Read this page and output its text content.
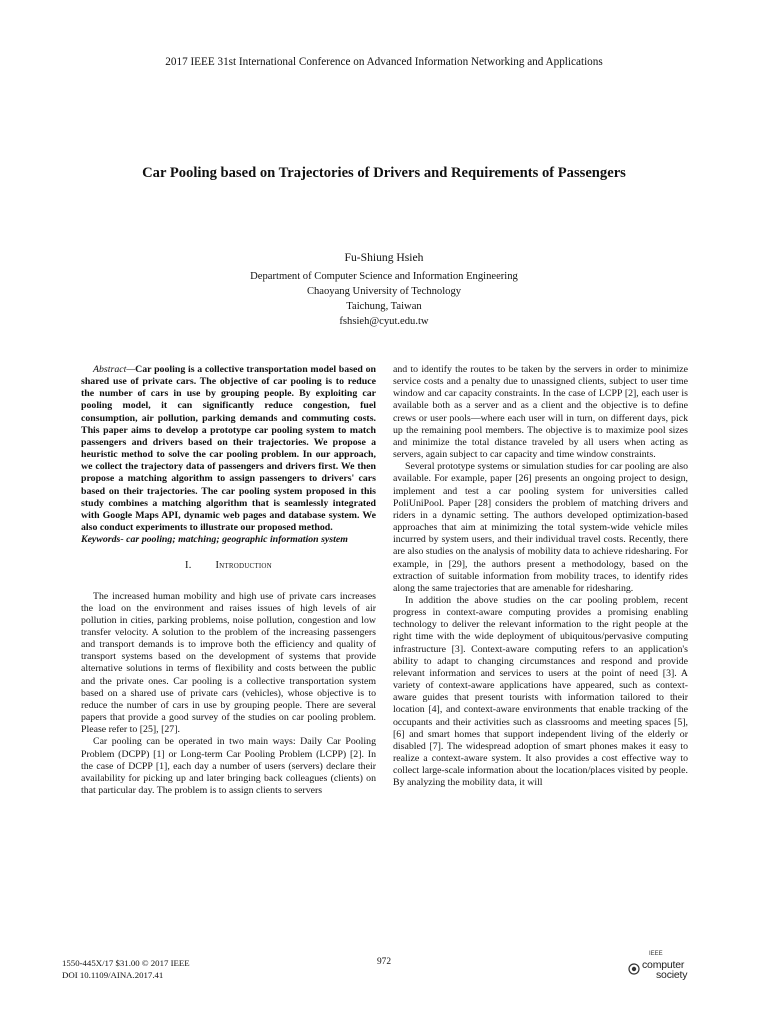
2017 IEEE 31st International Conference on Advanced Information Networking and Applications
Car Pooling based on Trajectories of Drivers and Requirements of Passengers
Fu-Shiung Hsieh
Department of Computer Science and Information Engineering
Chaoyang University of Technology
Taichung, Taiwan
fshsieh@cyut.edu.tw

Abstract—Car pooling is a collective transportation model based on shared use of private cars. The objective of car pooling is to reduce the number of cars in use by grouping people. By exploiting car pooling model, it can significantly reduce congestion, fuel consumption, air pollution, parking demands and commuting costs. This paper aims to develop a prototype car pooling system to match passengers and drivers based on their trajectories. We propose a heuristic method to solve the car pooling problem. In our approach, we collect the trajectory data of passengers and drivers first. We then propose a matching algorithm to assign passengers to drivers' cars based on their trajectories. The car pooling system proposed in this study combines a matching algorithm that is seamlessly integrated with Google Maps API, dynamic web pages and database system. We also conduct experiments to illustrate our proposed method.

Keywords- car pooling; matching; geographic information system

I. Introduction

The increased human mobility and high use of private cars increases the load on the environment and raises issues of high levels of air pollution in cities, parking problems, noise pollution, congestion and low transfer velocity. A solution to the problem of the increasing passengers and transport demands is to improve both the efficiency and quality of transport systems based on the development of systems that provide alternative solutions in terms of flexibility and costs between the public and the private ones. Car pooling is a collective transportation system based on a shared use of private cars (vehicles), whose objective is to reduce the number of cars in use by grouping people. There are several papers that provide a good survey of the studies on car pooling problem. Please refer to [25], [27].

Car pooling can be operated in two main ways: Daily Car Pooling Problem (DCPP) [1] or Long-term Car Pooling Problem (LCPP) [2]. In the case of DCPP [1], each day a number of users (servers) declare their availability for picking up and later bringing back colleagues (clients) on that particular day. The problem is to assign clients to servers

and to identify the routes to be taken by the servers in order to minimize service costs and a penalty due to unassigned clients, subject to user time window and car capacity constraints. In the case of LCPP [2], each user is available both as a server and as a client and the objective is to define crews or user pools—where each user will in turn, on different days, pick up the remaining pool members. The objective is to maximize pool sizes and minimize the total distance traveled by all users when acting as servers, again subject to car capacity and time window constraints.

Several prototype systems or simulation studies for car pooling are also available. For example, paper [26] presents an ongoing project to design, implement and test a car pooling system for universities called PoliUniPool. Paper [28] considers the problem of matching drivers and riders in a dynamic setting. The authors developed optimization-based approaches that aim at minimizing the total system-wide vehicle miles incurred by system users, and their individual travel costs. Recently, there are also studies on the analysis of mobility data to achieve ridesharing. For example, in [29], the authors present a methodology, based on the extraction of suitable information from mobility traces, to identify rides along the same trajectories that are amenable for ridesharing.

In addition the above studies on the car pooling problem, recent progress in context-aware computing provides a promising enabling technology to deliver the relevant information to the right people at the right time with the wide deployment of ubiquitous/pervasive computing infrastructure [3]. Context-aware computing refers to an application's ability to adapt to changing circumstances and respond and provide relevant information and services to users at the point of need [3]. A variety of context-aware applications have appeared, such as context-aware guides that present tourists with information tailored to their location [4], and context-aware environments that enable tracking of the occupants and their activities such as classrooms and meeting spaces [5], [6] and smart homes that support independent living of the elderly or disabled [7]. The widespread adoption of smart phones makes it easy to realize a context-aware system. It also provides a cost effective way to collect large-scale information about the location/places visited by people. By analyzing the mobility data, it will

1550-445X/17 $31.00 © 2017 IEEE
DOI 10.1109/AINA.2017.41
972
IEEE
computer
society
